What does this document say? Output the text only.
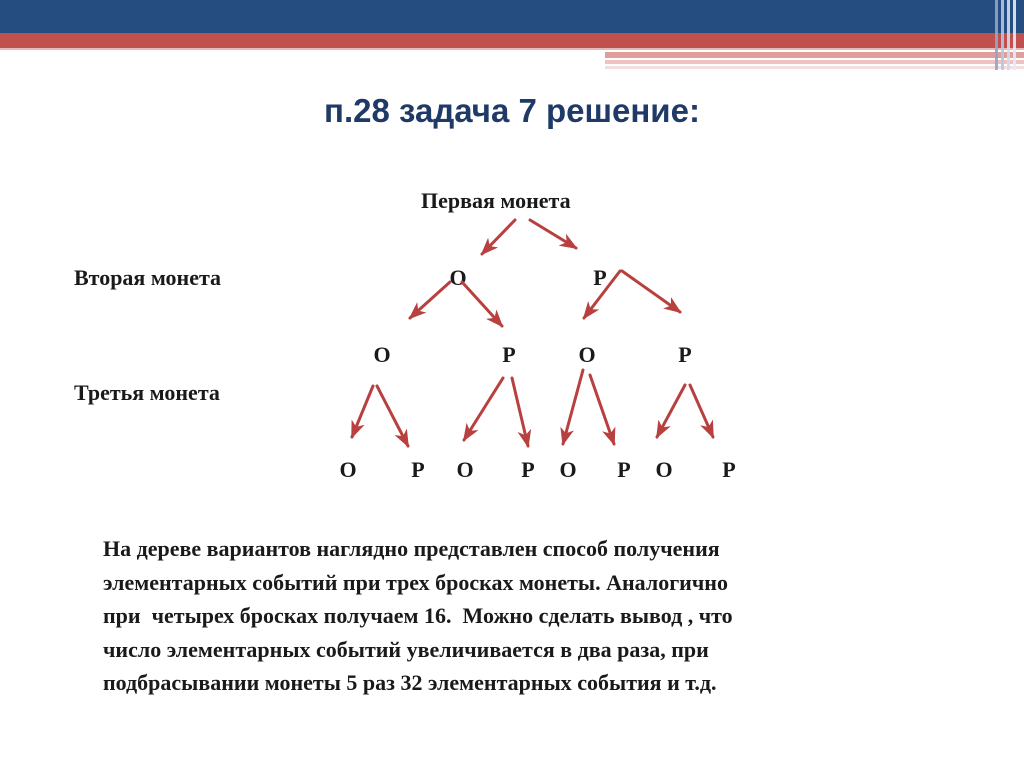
п.28 задача 7 решение:
Первая монета
Вторая монета
Третья монета
О	Р
О	Р	О	Р
О Р О Р О Р О Р
На дереве вариантов наглядно представлен способ получения
элементарных событий при трех бросках монеты. Аналогично
при  четырех бросках получаем 16.  Можно сделать вывод , что
число элементарных событий увеличивается в два раза, при
подбрасывании монеты 5 раз 32 элементарных события и т.д.
